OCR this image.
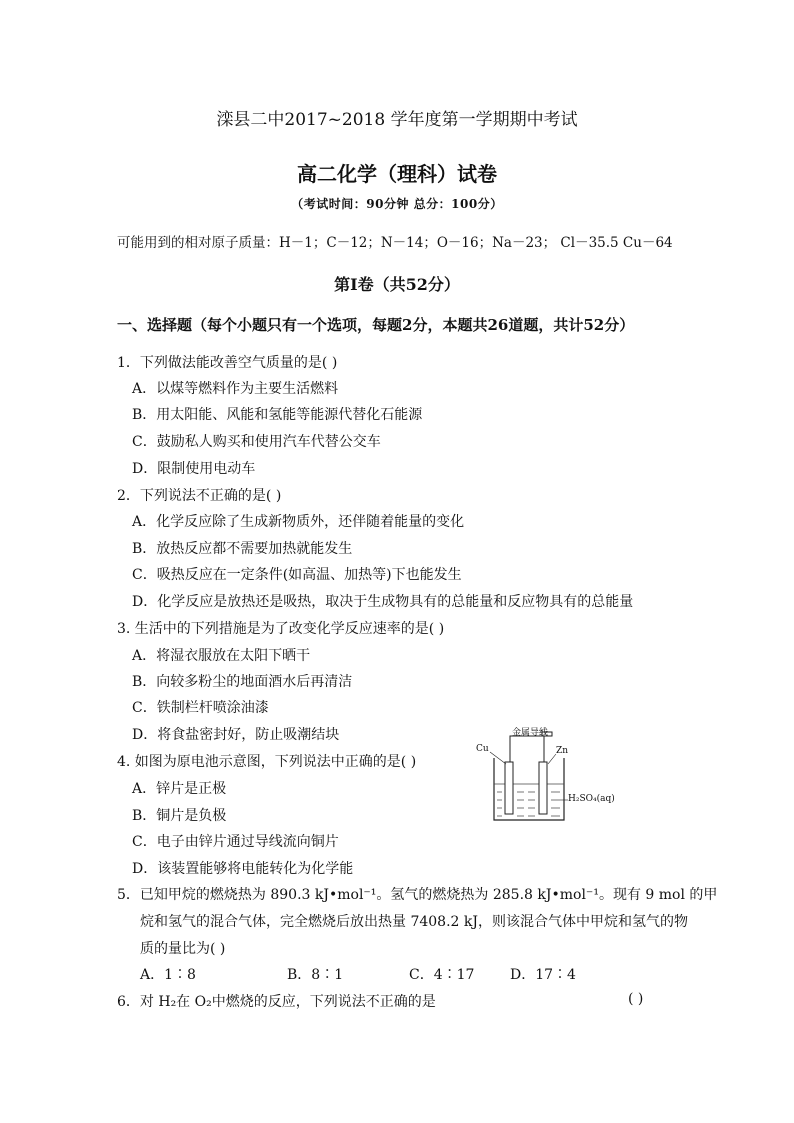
滦县二中2017~2018 学年度第一学期期中考试
高二化学（理科）试卷
（考试时间：90分钟 总分：100分）
可能用到的相对原子质量：H－1；C－12；N－14；O－16；Na－23； Cl－35.5 Cu－64
第Ⅰ卷（共52分）
一、选择题（每个小题只有一个选项，每题2分，本题共26道题，共计52分）
1．下列做法能改善空气质量的是( )
A．以煤等燃料作为主要生活燃料
B．用太阳能、风能和氢能等能源代替化石能源
C．鼓励私人购买和使用汽车代替公交车
D．限制使用电动车
2．下列说法不正确的是( )
A．化学反应除了生成新物质外，还伴随着能量的变化
B．放热反应都不需要加热就能发生
C．吸热反应在一定条件(如高温、加热等)下也能发生
D．化学反应是放热还是吸热，取决于生成物具有的总能量和反应物具有的总能量
3. 生活中的下列措施是为了改变化学反应速率的是( )
A．将湿衣服放在太阳下晒干
B．向较多粉尘的地面酒水后再清洁
C．铁制栏杆喷涂油漆
D．将食盐密封好，防止吸潮结块
4. 如图为原电池示意图，下列说法中正确的是( )
A．锌片是正极
B．铜片是负极
C．电子由锌片通过导线流向铜片
D．该装置能够将电能转化为化学能
金属导线
Cu	Zn
H₂SO₄(aq)
5．已知甲烷的燃烧热为 890.3 kJ•mol⁻¹。氢气的燃烧热为 285.8 kJ•mol⁻¹。现有 9 mol 的甲
烷和氢气的混合气体，完全燃烧后放出热量 7408.2 kJ，则该混合气体中甲烷和氢气的物
质的量比为( )
A．1∶8	B．8∶1	C．4∶17	D．17∶4
6．对 H₂在 O₂中燃烧的反应，下列说法不正确的是	( )
